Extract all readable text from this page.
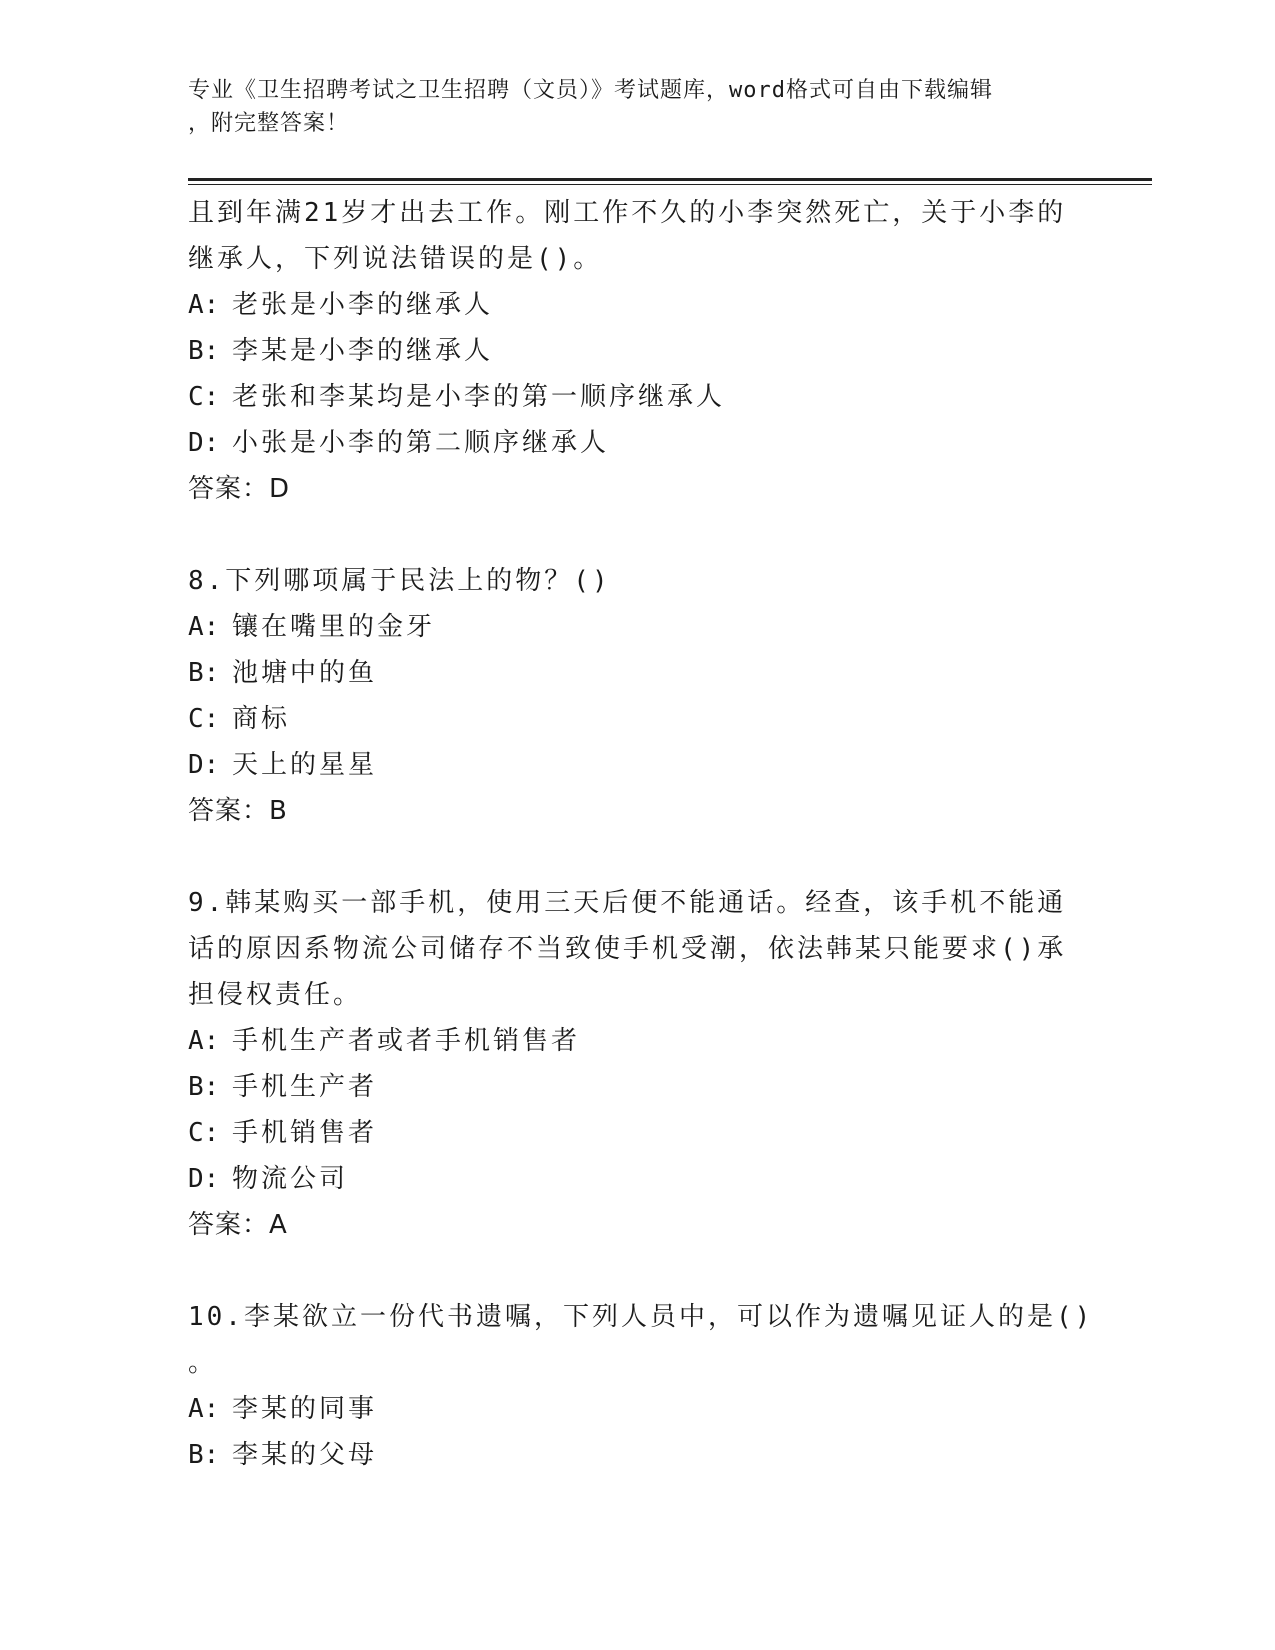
专业《卫生招聘考试之卫生招聘（文员）》考试题库，word格式可自由下载编辑
，附完整答案！

且到年满21岁才出去工作。刚工作不久的小李突然死亡，关于小李的

继承人，下列说法错误的是()。

A: 老张是小李的继承人

B: 李某是小李的继承人

C: 老张和李某均是小李的第一顺序继承人

D: 小张是小李的第二顺序继承人

答案：D

8.下列哪项属于民法上的物？()

A: 镶在嘴里的金牙

B: 池塘中的鱼

C: 商标

D: 天上的星星

答案：B

9.韩某购买一部手机，使用三天后便不能通话。经查，该手机不能通

话的原因系物流公司储存不当致使手机受潮，依法韩某只能要求()承

担侵权责任。

A: 手机生产者或者手机销售者

B: 手机生产者

C: 手机销售者

D: 物流公司

答案：A

10.李某欲立一份代书遗嘱，下列人员中，可以作为遗嘱见证人的是()

。

A: 李某的同事

B: 李某的父母
